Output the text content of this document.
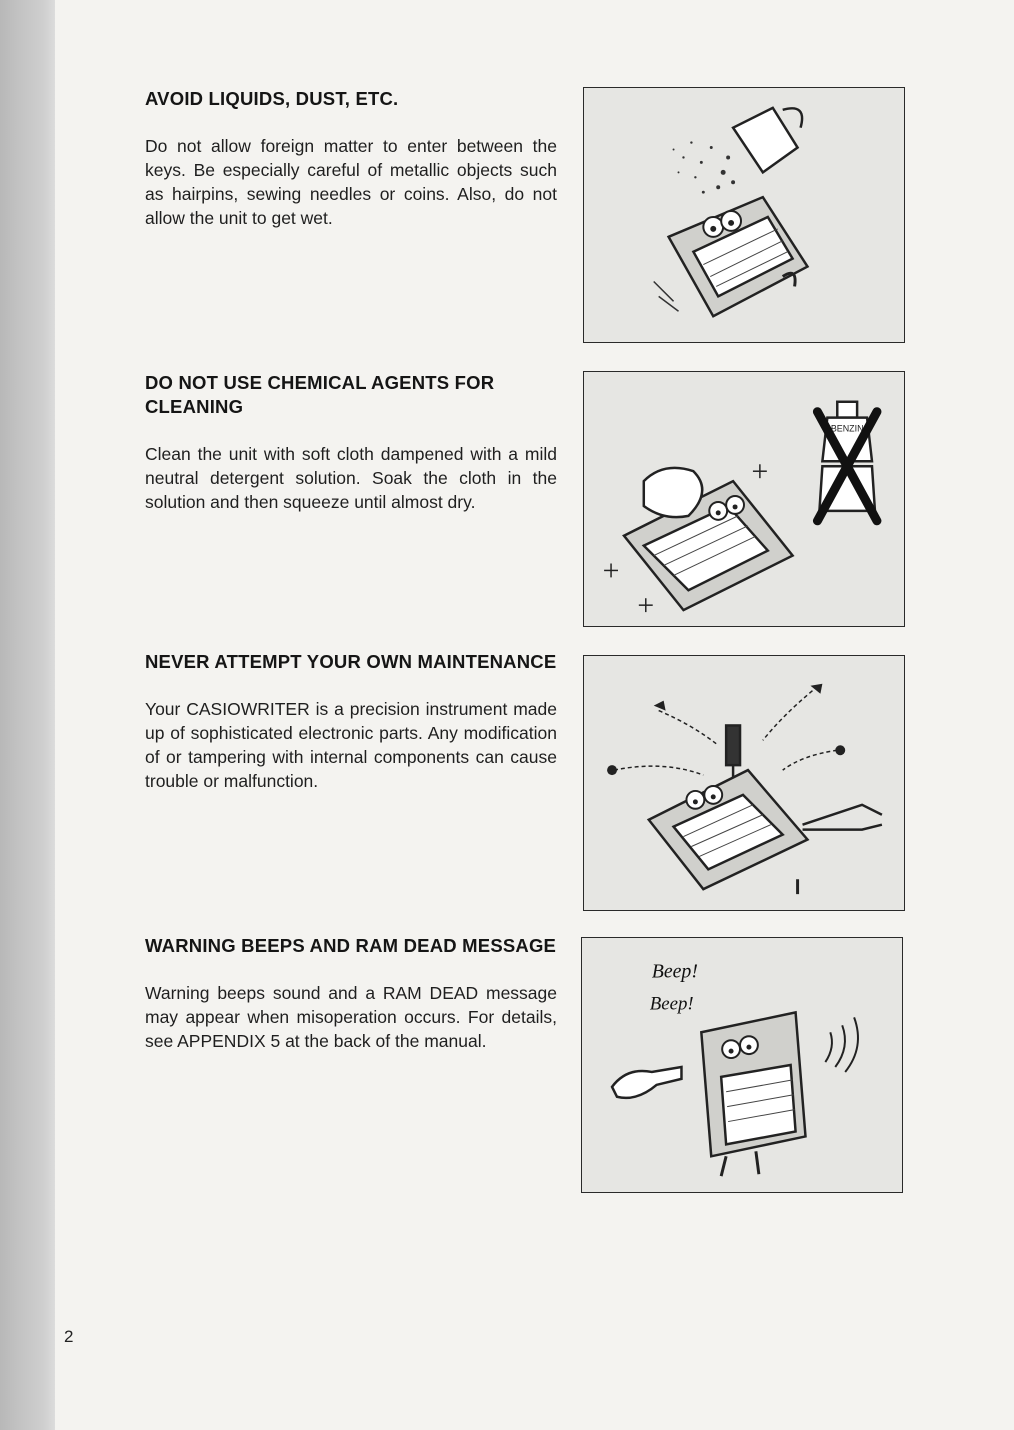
AVOID LIQUIDS, DUST, ETC.

Do not allow foreign matter to enter between the keys. Be especially careful of metallic objects such as hairpins, sewing needles or coins. Also, do not allow the unit to get wet.

DO NOT USE CHEMICAL AGENTS FOR CLEANING

Clean the unit with soft cloth dampened with a mild neutral detergent solution. Soak the cloth in the solution and then squeeze until almost dry.

NEVER ATTEMPT YOUR OWN MAINTENANCE

Your CASIOWRITER is a precision instrument made up of sophisticated electronic parts. Any modification of or tampering with internal components can cause trouble or malfunction.

WARNING BEEPS AND RAM DEAD MESSAGE

Warning beeps sound and a RAM DEAD message may appear when misoperation occurs. For details, see APPENDIX 5 at the back of the manual.

BENZIN
Beep!
Beep!
2
